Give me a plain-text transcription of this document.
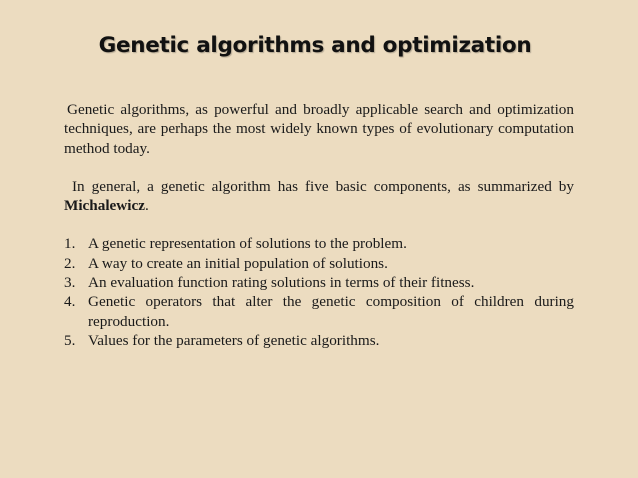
Genetic algorithms and optimization

Genetic algorithms, as powerful and broadly applicable search and optimization techniques, are perhaps the most widely known types of evolutionary computation method today.

In general, a genetic algorithm has five basic components, as summarized by Michalewicz.

1. A genetic representation of solutions to the problem.
2. A way to create an initial population of solutions.
3. An evaluation function rating solutions in terms of their fitness.
4. Genetic operators that alter the genetic composition of children during reproduction.
5. Values for the parameters of genetic algorithms.
